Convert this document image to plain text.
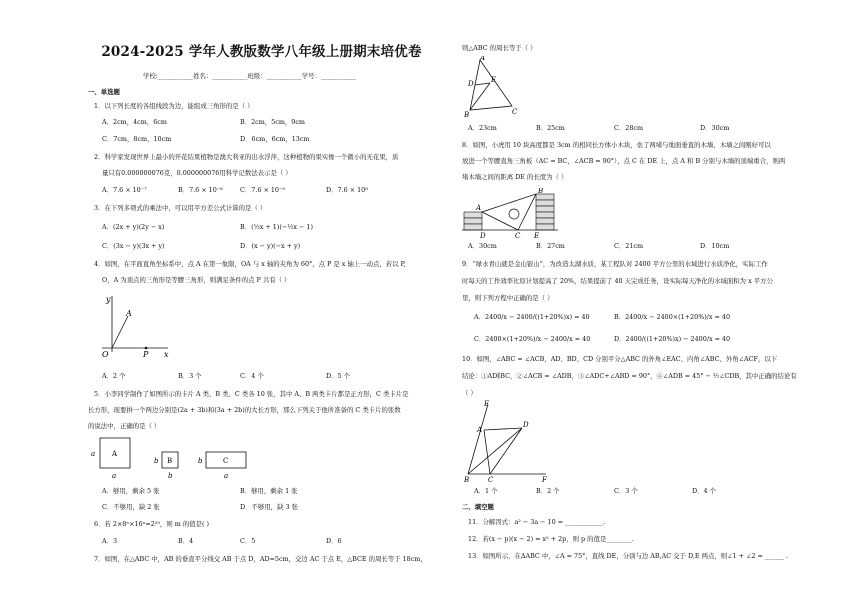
2024-2025 学年人教版数学八年级上册期末培优卷
学校:___________姓名：___________班级：___________学号：___________
一、单选题
1．以下列长度的各组线段为边，能组成三角形的是（ ）
A．2cm，4cm，6cm	B．2cm，5cm，9cm
C．7cm，8cm，10cm	D．6cm，6cm，13cm
2．科学家发现世界上最小的开花结果植物是澳大利亚的出水浮萍，这种植物的果实像一个微小的无花果，质
量只有0.000000076克，0.000000076用科学记数法表示是（ ）
A．7.6 × 10⁻⁷	B．7.6 × 10⁻⁸	C．7.6 × 10⁻⁹	D．7.6 × 10⁸
3．在下列多项式的乘法中，可以用平方差公式计算的是（ ）
A．(2x + y)(2y − x)	B．(½x + 1)(−½x − 1)
C．(3x − y)(3x + y)	D．(x − y)(−x + y)
4．如图，在平面直角坐标系中，点 A 在第一象限，OA 与 x 轴的夹角为 60°，点 P 是 x 轴上一动点，若以 P,
O，A 为顶点的三角形是等腰三角形，则满足条件的点 P 共有（ ）
y
A
O	P x
A．2 个	B．3 个	C．4 个	D．5 个
5．小李同学制作了如图所示的卡片 A 类、B 类、C 类各 10 张，其中 A、B 两类卡片都是正方形，C 类卡片是
长方形，现要拼一个两边分别是(2a + 3b)和(3a + 2b)的大长方形，那么下列关于他所准备的 C 类卡片的张数
的说法中，正确的是（ ）
A
a
a
B
b
b
C
b
a
A．够用，剩余 5 张	B．够用，剩余 1 张
C．不够用，缺 2 张	D．不够用，缺 3 张
6．若 2×8ⁿ×16ⁿ=2²⁹，则 m 的值是( )
A．3	B．4	C．5	D．6
7．如图，在△ABC 中，AB 的垂直平分线交 AB 于点 D，AD=5cm，交边 AC 于点 E，△BCE 的周长等于 18cm，
则△ABC 的周长等于（ ）
A
D E
B	C
A．23cm	B．25cm	C．28cm	D．30cm
8．如图，小虎用 10 块高度都是 3cm 的相同长方体小木块，垒了两堵与地面垂直的木墙，木墙之间刚好可以
放进一个等腰直角三角板（AC = BC，∠ACB = 90°），点 C 在 DE 上，点 A 和 B 分别与木墙的顶端重合，则两
堵木墙之间的距离 DE 的长度为（ ）
A
B
C
D	E
A．30cm	B．27cm	C．21cm	D．10cm
9．“绿水青山就是金山银山”，为改造太湖水质，某工程队对 2400 平方公里的水域进行水质净化，实际工作
时每天的工作效率比原计划提高了 20%，结果提前了 40 天完成任务，设实际每天净化的水域面积为 x 平方公
里，则下列方程中正确的是（ ）
A．2400/x − 2400/((1+20%)x) = 40	B．2400/x − 2400×(1+20%)/x = 40
C．2400×(1+20%)/x − 2400/x = 40	D．2400/((1+20%)x) − 2400/x = 40
10．如图，∠ABC = ∠ACB，AD、BD、CD 分别平分△ABC 的外角∠EAC、内角∠ABC、外角∠ACF，以下
结论：①AD∥BC，②∠ACB = ∠ADB，③∠ADC+∠ABD = 90°，④∠ADB = 45° − ½∠CDB，其中正确的结论有
（ ）
E
A
D
B	C	F
A．1 个	B．2 个	C．3 个	D．4 个
二、填空题
11．分解因式：a² − 3a − 10 = ____________.
12．若(x − p)(x − 2) = x² + 2p，则 p 的值是________.
13．如图所示，在ΔABC 中，∠A = 75°，直线 DE，分别与边 AB,AC 交于 D,E 两点，则∠1 + ∠2 = ______ .
